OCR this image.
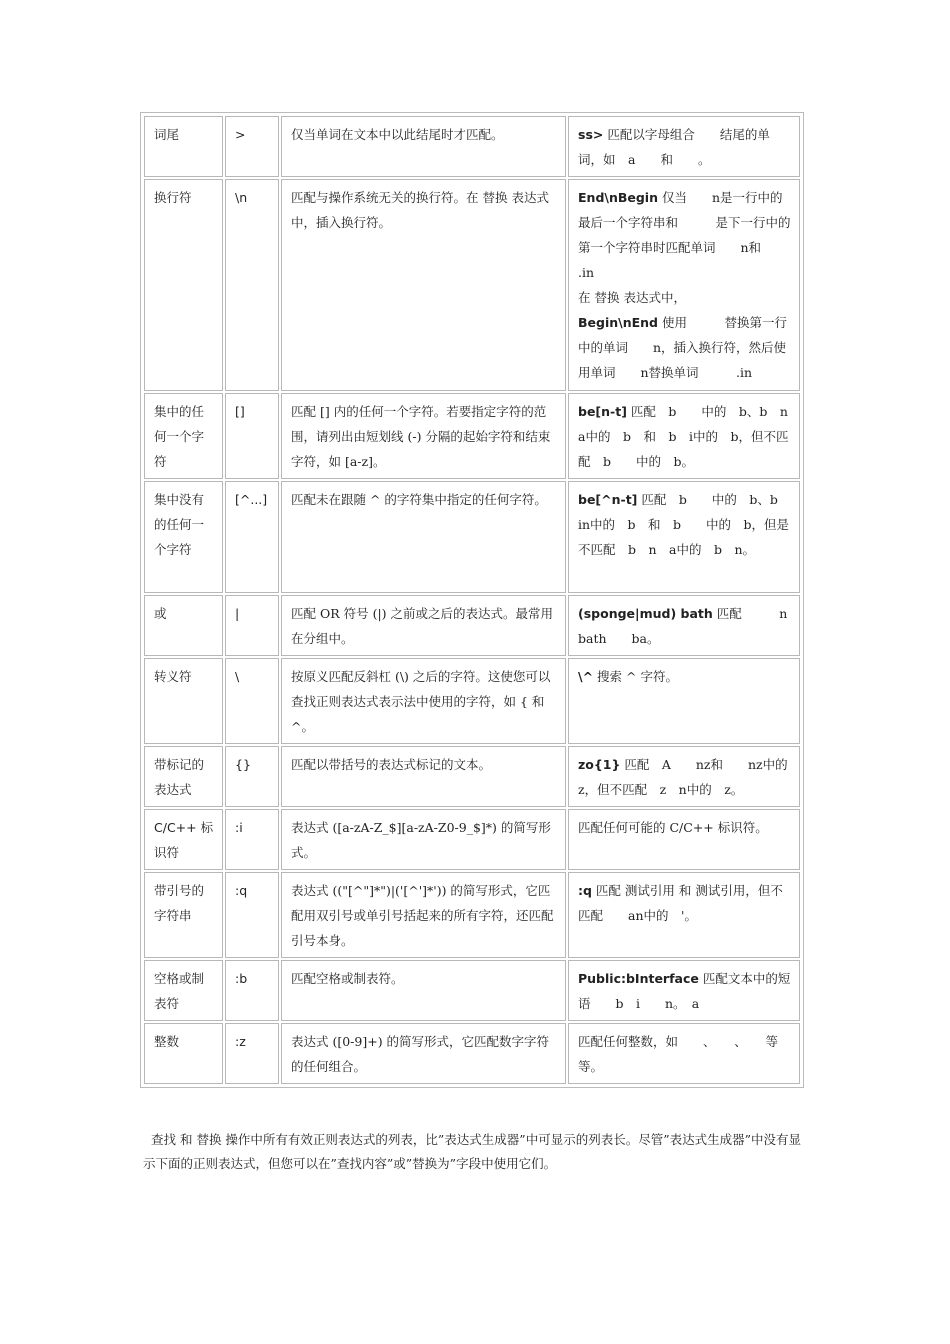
词尾	>	仅当单词在文本中以此结尾时才匹配。	ss> 匹配以字母组合　　结尾的单词，如　a　　和　　。
换行符	\n	匹配与操作系统无关的换行符。在 替换 表达式中，插入换行符。	End\nBegin 仅当　　n是一行中的最后一个字符串和　　　是下一行中的第一个字符串时匹配单词　　n和　　　.in
在 替换 表达式中，
Begin\nEnd 使用　　　替换第一行中的单词　　n，插入换行符，然后使用单词　　n替换单词　　　.in
集中的任何一个字符	[]	匹配 [] 内的任何一个字符。若要指定字符的范围，请列出由短划线 (-) 分隔的起始字符和结束字符，如 [a-z]。	be[n-t] 匹配　b　　中的　b、b　n　a中的　b　和　b　i中的　b，但不匹配　b　　中的　b。
集中没有的任何一个字符	[^...]	匹配未在跟随 ^ 的字符集中指定的任何字符。	be[^n-t] 匹配　b　　中的　b、b　in中的　b　和　b　　中的　b，但是不匹配　b　n　a中的　b　n。
或	|	匹配 OR 符号 (|) 之前或之后的表达式。最常用在分组中。	(sponge|mud) bath 匹配　　　n　　bath　　ba。
转义符	\	按原义匹配反斜杠 (\) 之后的字符。这使您可以查找正则表达式表示法中使用的字符，如 { 和 ^。	\^ 搜索 ^ 字符。
带标记的表达式	{}	匹配以带括号的表达式标记的文本。	zo{1} 匹配　A　　nz和　　nz中的　z，但不匹配　z　n中的　z。
C/C++ 标识符	:i	表达式 ([a-zA-Z_$][a-zA-Z0-9_$]*) 的简写形式。	匹配任何可能的 C/C++ 标识符。
带引号的字符串	:q	表达式 (("[^"]*")|('[^']*')) 的简写形式，它匹配用双引号或单引号括起来的所有字符，还匹配引号本身。	:q 匹配 测试引用 和 测试引用，但不匹配　　an中的　'。
空格或制表符	:b	匹配空格或制表符。	Public:bInterface 匹配文本中的短语　　b　i　　n。　a
整数	:z	表达式 ([0-9]+) 的简写形式，它匹配数字字符的任何组合。	匹配任何整数，如　　、　　、　　等等。
查找 和 替换 操作中所有有效正则表达式的列表，比”表达式生成器”中可显示的列表长。尽管”表达式生成器”中没有显示下面的正则表达式，但您可以在”查找内容”或”替换为”字段中使用它们。
